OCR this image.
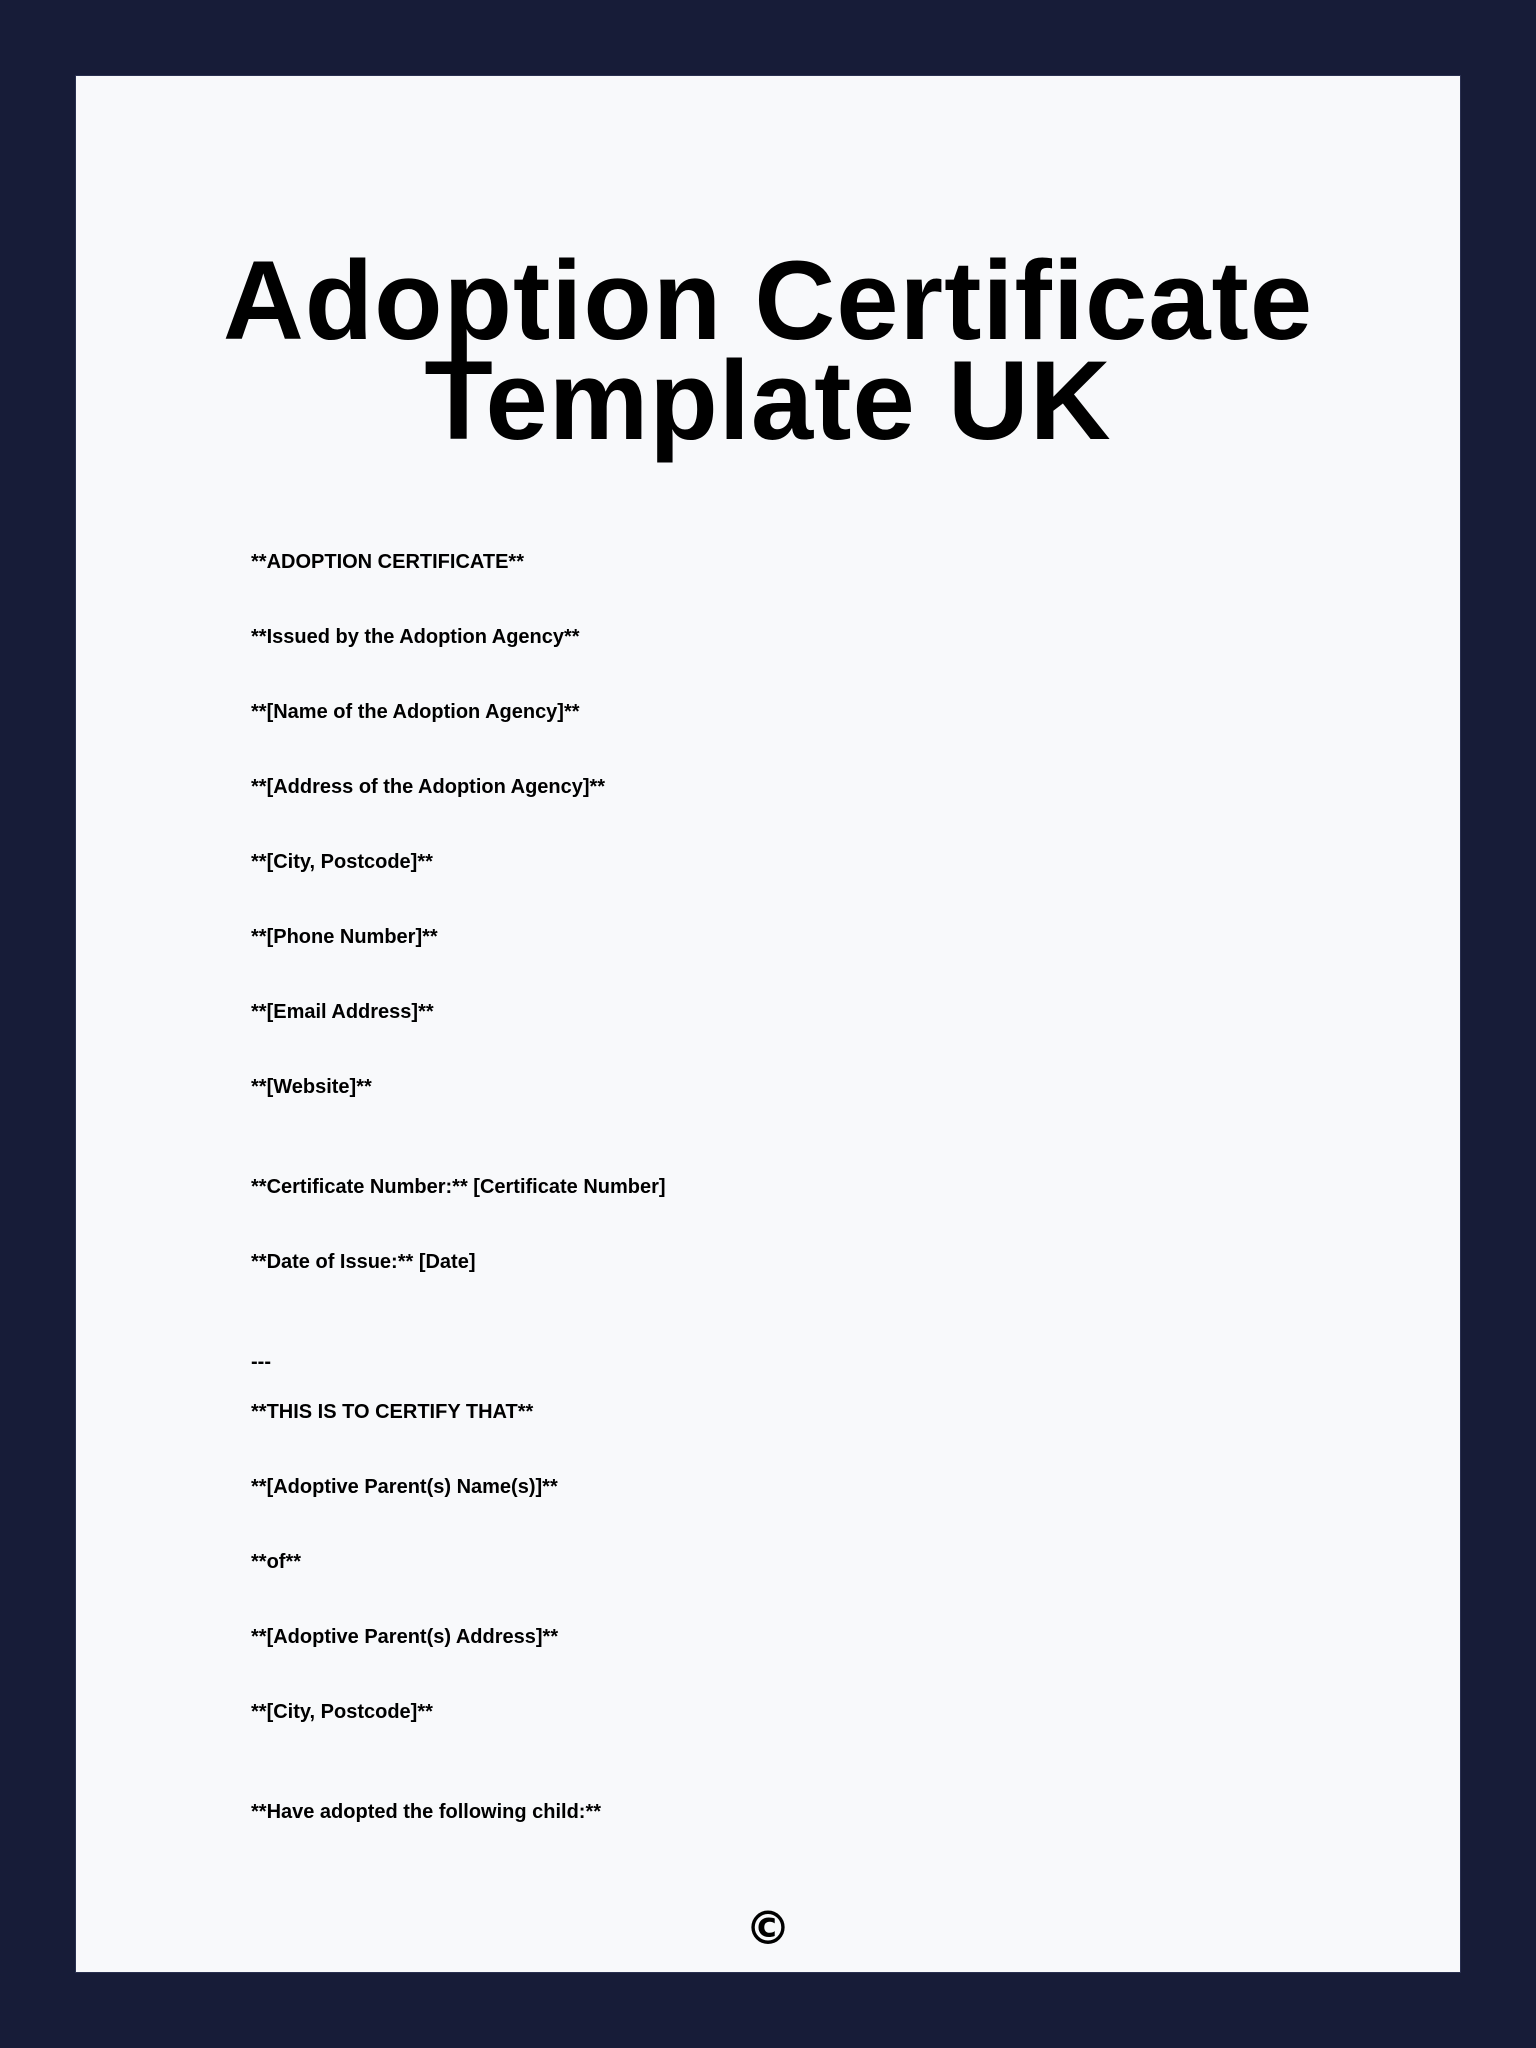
Adoption Certificate
Template UK

**ADOPTION CERTIFICATE**

**Issued by the Adoption Agency**

**[Name of the Adoption Agency]**

**[Address of the Adoption Agency]**

**[City, Postcode]**

**[Phone Number]**

**[Email Address]**

**[Website]**

**Certificate Number:** [Certificate Number]

**Date of Issue:** [Date]

---

**THIS IS TO CERTIFY THAT**

**[Adoptive Parent(s) Name(s)]**

**of**

**[Adoptive Parent(s) Address]**

**[City, Postcode]**

**Have adopted the following child:**

©
